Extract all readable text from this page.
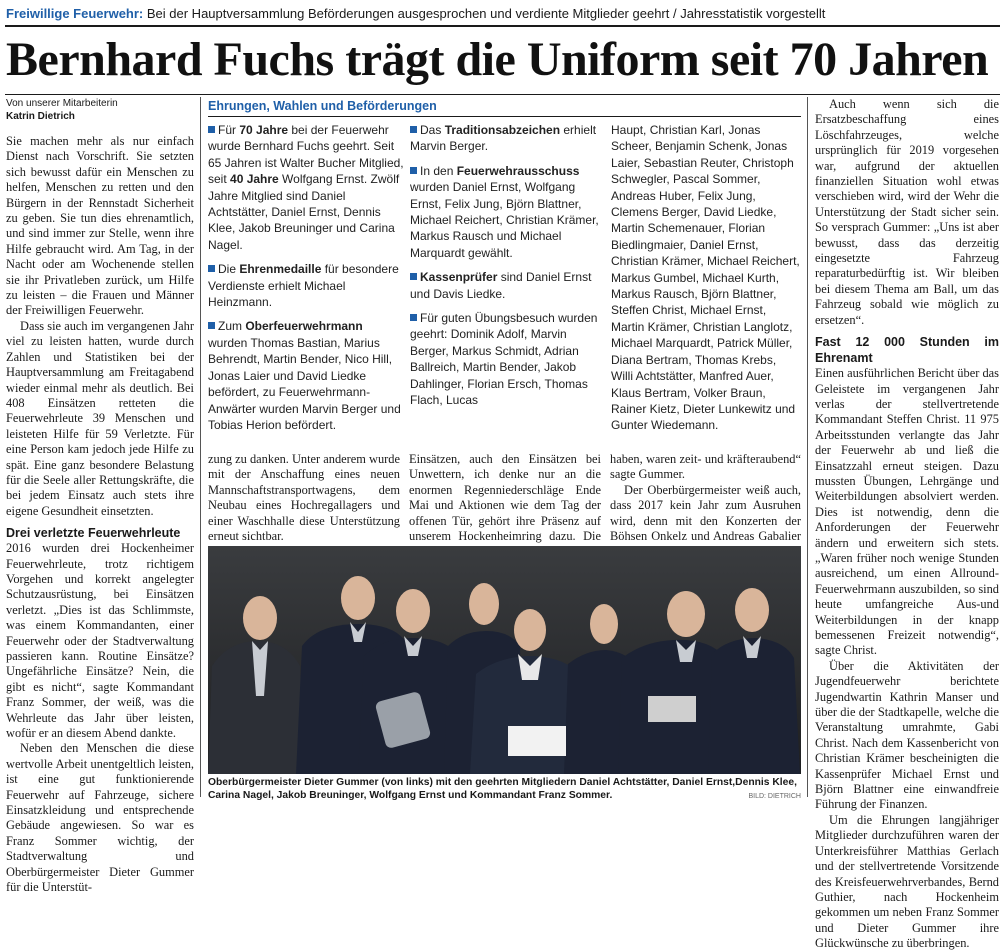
Freiwillige Feuerwehr: Bei der Hauptversammlung Beförderungen ausgesprochen und verdiente Mitglieder geehrt / Jahresstatistik vorgestellt
Bernhard Fuchs trägt die Uniform seit 70 Jahren
Von unserer Mitarbeiterin
Katrin Dietrich

Sie machen mehr als nur einfach Dienst nach Vorschrift. Sie setzten sich bewusst dafür ein Menschen zu helfen, Menschen zu retten und den Bürgern in der Rennstadt Sicherheit zu geben. Sie tun dies ehrenamtlich, und sind immer zur Stelle, wenn ihre Hilfe gebraucht wird. Am Tag, in der Nacht oder am Wochenende stellen sie ihr Privatleben zurück, um Hilfe zu leisten – die Frauen und Männer der Freiwilligen Feuerwehr.

Dass sie auch im vergangenen Jahr viel zu leisten hatten, wurde durch Zahlen und Statistiken bei der Hauptversammlung am Freitagabend wieder einmal mehr als deutlich. Bei 408 Einsätzen retteten die Feuerwehrleute 39 Menschen und leisteten Hilfe für 59 Verletzte. Für eine Person kam jedoch jede Hilfe zu spät. Eine ganz besondere Belastung für die Seele aller Rettungskräfte, die bei jedem Einsatz auch stets ihre eigene Gesundheit einsetzten.

Drei verletzte Feuerwehrleute

2016 wurden drei Hockenheimer Feuerwehrleute, trotz richtigem Vorgehen und korrekt angelegter Schutzausrüstung, bei Einsätzen verletzt. „Dies ist das Schlimmste, was einem Kommandanten, einer Feuerwehr oder der Stadtverwaltung passieren kann. Routine Einsätze? Ungefährliche Einsätze? Nein, die gibt es nicht“, sagte Kommandant Franz Sommer, der weiß, was die Wehrleute das Jahr über leisten, wofür er an diesem Abend dankte.

Neben den Menschen die diese wertvolle Arbeit unentgeltlich leisten, ist eine gut funktionierende Feuerwehr auf Fahrzeuge, sichere Einsatzkleidung und entsprechende Gebäude angewiesen. So war es Franz Sommer wichtig, der Stadtverwaltung und Oberbürgermeister Dieter Gummer für die Unterstüt-

Ehrungen, Wahlen und Beförderungen

Für 70 Jahre bei der Feuerwehr wurde Bernhard Fuchs geehrt. Seit 65 Jahren ist Walter Bucher Mitglied, seit 40 Jahre Wolfgang Ernst. Zwölf Jahre Mitglied sind Daniel Achtstätter, Daniel Ernst, Dennis Klee, Jakob Breuninger und Carina Nagel.

Die Ehrenmedaille für besondere Verdienste erhielt Michael Heinzmann.

Zum Oberfeuerwehrmann wurden Thomas Bastian, Marius Behrendt, Martin Bender, Nico Hill, Jonas Laier und David Liedke befördert, zu Feuerwehrmann- Anwärter wurden Marvin Berger und Tobias Herion befördert.

Das Traditionsabzeichen erhielt Marvin Berger.

In den Feuerwehrausschuss wurden Daniel Ernst, Wolfgang Ernst, Felix Jung, Björn Blattner, Michael Reichert, Christian Krämer, Markus Rausch und Michael Marquardt gewählt.

Kassenprüfer sind Daniel Ernst und Davis Liedke.

Für guten Übungsbesuch wurden geehrt: Dominik Adolf, Marvin Berger, Markus Schmidt, Adrian Ballreich, Martin Bender, Jakob Dahlinger, Florian Ersch, Thomas Flach, Lucas

Haupt, Christian Karl, Jonas Scheer, Benjamin Schenk, Jonas Laier, Sebastian Reuter, Christoph Schwegler, Pascal Sommer, Andreas Huber, Felix Jung, Clemens Berger, David Liedke, Martin Schemenauer, Florian Biedlingmaier, Daniel Ernst, Christian Krämer, Michael Reichert, Markus Gumbel, Michael Kurth, Markus Rausch, Björn Blattner, Steffen Christ, Michael Ernst, Martin Krämer, Christian Langlotz, Michael Marquardt, Patrick Müller, Diana Bertram, Thomas Krebs, Willi Achtstätter, Manfred Auer, Klaus Bertram, Volker Braun, Rainer Kietz, Dieter Lunkewitz und Gunter Wiedemann.

zung zu danken. Unter anderem wurde mit der Anschaffung eines neuen Mannschaftstransportwagens, dem Neubau eines Hochregallagers und einer Waschhalle diese Unterstützung erneut sichtbar.

Einsätzen, auch den Einsätzen bei Unwettern, ich denke nur an die enormen Regenniederschläge Ende Mai und Aktionen wie dem Tag der offenen Tür, gehört ihre Präsenz auf unserem Hockenheimring dazu. Die

haben, waren zeit- und kräfteraubend“ sagte Gummer.

Der Oberbürgermeister weiß auch, dass 2017 kein Jahr zum Ausruhen wird, denn mit den Konzerten der Böhsen Onkelz und Andreas Gabalier

Oberbürgermeister Dieter Gummer (von links) mit den geehrten Mitgliedern Daniel Achtstätter, Daniel Ernst,Dennis Klee, Carina Nagel, Jakob Breuninger, Wolfgang Ernst und Kommandant Franz Sommer.	BILD: DIETRICH

Auch wenn sich die Ersatzbeschaffung eines Löschfahrzeuges, welche ursprünglich für 2019 vorgesehen war, aufgrund der aktuellen finanziellen Situation wohl etwas verschieben wird, wird der Wehr die Unterstützung der Stadt sicher sein. So versprach Gummer: „Uns ist aber bewusst, dass das derzeitig eingesetzte Fahrzeug reparaturbedürftig ist. Wir bleiben bei diesem Thema am Ball, um das Fahrzeug sobald wie möglich zu ersetzen“.

Fast 12 000 Stunden im Ehrenamt

Einen ausführlichen Bericht über das Geleistete im vergangenen Jahr verlas der stellvertretende Kommandant Steffen Christ. 11 975 Arbeitsstunden verlangte das Jahr der Feuerwehr ab und ließ die Einsatzzahl erneut steigen. Dazu mussten Übungen, Lehrgänge und Weiterbildungen absolviert werden. Dies ist notwendig, denn die Anforderungen der Feuerwehr ändern und erweitern sich stets. „Waren früher noch wenige Stunden ausreichend, um einen Allround-Feuerwehrmann auszubilden, so sind heute umfangreiche Aus-und Weiterbildungen in der knapp bemessenen Freizeit notwendig“, sagte Christ.

Über die Aktivitäten der Jugendfeuerwehr berichtete Jugendwartin Kathrin Manser und über die der Stadtkapelle, welche die Veranstaltung umrahmte, Gabi Christ. Nach dem Kassenbericht von Christian Krämer bescheinigten die Kassenprüfer Michael Ernst und Björn Blattner eine einwandfreie Führung der Finanzen.

Um die Ehrungen langjähriger Mitglieder durchzuführen waren der Unterkreisführer Matthias Gerlach und der stellvertretende Vorsitzende des Kreisfeuerwehrverbandes, Bernd Guthier, nach Hockenheim gekommen um neben Franz Sommer und Dieter Gummer ihre Glückwünsche zu überbringen.
